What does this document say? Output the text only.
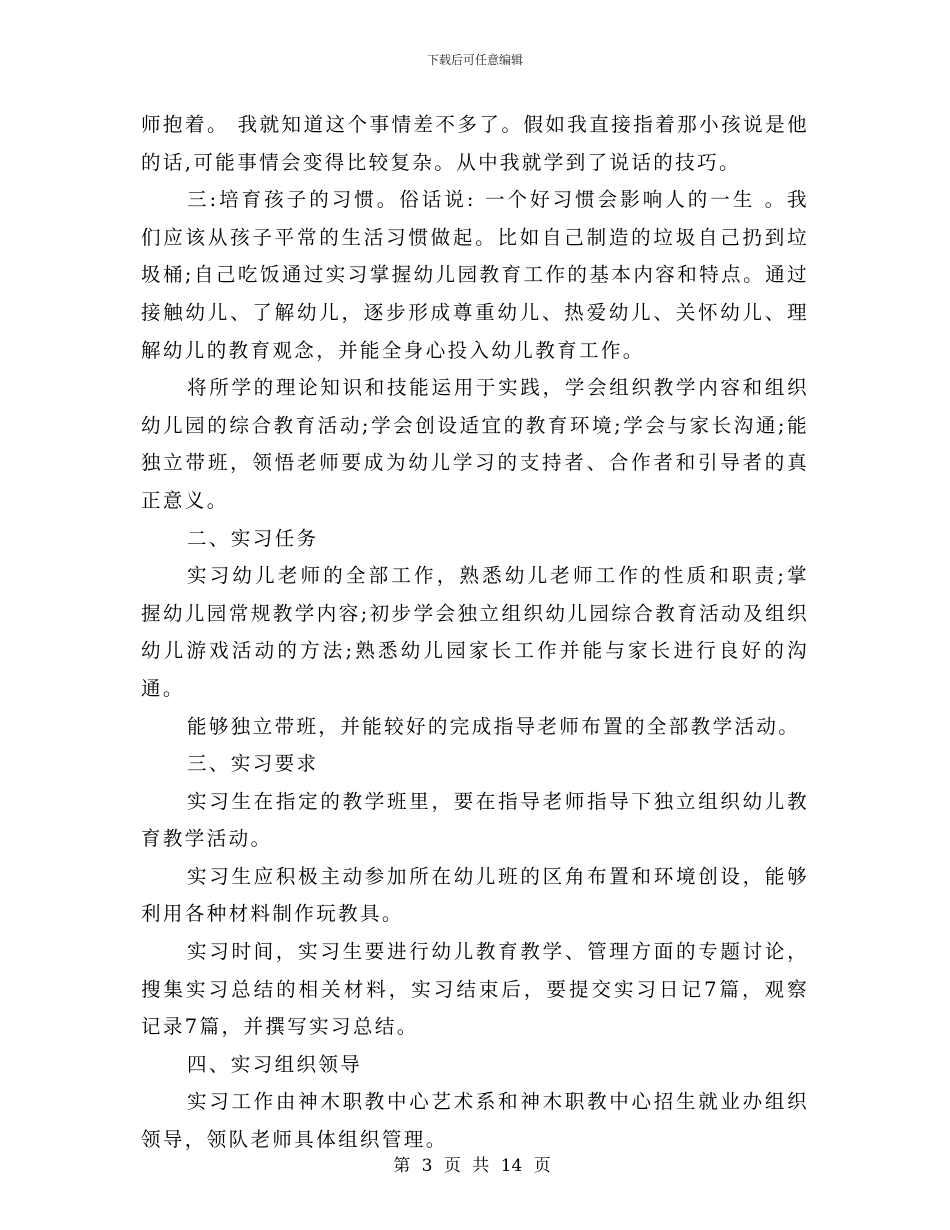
下载后可任意编辑

师抱着。 我就知道这个事情差不多了。假如我直接指着那小孩说是他的话,可能事情会变得比较复杂。从中我就学到了说话的技巧。

三:培育孩子的习惯。俗话说: 一个好习惯会影响人的一生 。我们应该从孩子平常的生活习惯做起。比如自己制造的垃圾自己扔到垃圾桶;自己吃饭通过实习掌握幼儿园教育工作的基本内容和特点。通过接触幼儿、了解幼儿，逐步形成尊重幼儿、热爱幼儿、关怀幼儿、理解幼儿的教育观念，并能全身心投入幼儿教育工作。

将所学的理论知识和技能运用于实践，学会组织教学内容和组织幼儿园的综合教育活动;学会创设适宜的教育环境;学会与家长沟通;能独立带班，领悟老师要成为幼儿学习的支持者、合作者和引导者的真正意义。

二、实习任务

实习幼儿老师的全部工作，熟悉幼儿老师工作的性质和职责;掌握幼儿园常规教学内容;初步学会独立组织幼儿园综合教育活动及组织幼儿游戏活动的方法;熟悉幼儿园家长工作并能与家长进行良好的沟通。

能够独立带班，并能较好的完成指导老师布置的全部教学活动。

三、实习要求

实习生在指定的教学班里，要在指导老师指导下独立组织幼儿教育教学活动。

实习生应积极主动参加所在幼儿班的区角布置和环境创设，能够利用各种材料制作玩教具。

实习时间，实习生要进行幼儿教育教学、管理方面的专题讨论，搜集实习总结的相关材料，实习结束后，要提交实习日记7篇，观察记录7篇，并撰写实习总结。

四、实习组织领导

实习工作由神木职教中心艺术系和神木职教中心招生就业办组织领导，领队老师具体组织管理。

第 3 页 共 14 页
